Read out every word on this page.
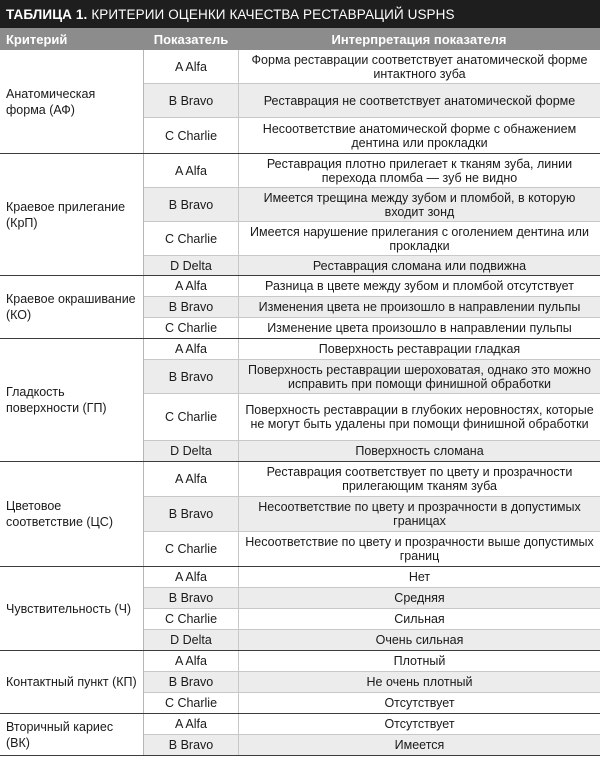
ТАБЛИЦА 1. КРИТЕРИИ ОЦЕНКИ КАЧЕСТВА РЕСТАВРАЦИЙ USPHS
Критерий	Показатель	Интерпретация показателя
Анатомическая форма (АФ)
A Alfa	Форма реставрации соответствует анатомической форме интактного зуба
B Bravo	Реставрация не соответствует анатомической форме
C Charlie	Несоответствие анатомической форме с обнажением дентина или прокладки
Краевое прилегание (КрП)
A Alfa	Реставрация плотно прилегает к тканям зуба, линии перехода пломба — зуб не видно
B Bravo	Имеется трещина между зубом и пломбой, в которую входит зонд
C Charlie	Имеется нарушение прилегания с оголением дентина или прокладки
D Delta	Реставрация сломана или подвижна
Краевое окрашивание (КО)
A Alfa	Разница в цвете между зубом и пломбой отсутствует
B Bravo	Изменения цвета не произошло в направлении пульпы
C Charlie	Изменение цвета произошло в направлении пульпы
Гладкость поверхности (ГП)
A Alfa	Поверхность реставрации гладкая
B Bravo	Поверхность реставрации шероховатая, однако это можно исправить при помощи финишной обработки
C Charlie	Поверхность реставрации в глубоких неровностях, которые не могут быть удалены при помощи финишной обработки
D Delta	Поверхность сломана
Цветовое соответствие (ЦС)
A Alfa	Реставрация соответствует по цвету и прозрачности прилегающим тканям зуба
B Bravo	Несоответствие по цвету и прозрачности в допустимых границах
C Charlie	Несоответствие по цвету и прозрачности выше допустимых границ
Чувствительность (Ч)
A Alfa	Нет
B Bravo	Средняя
C Charlie	Сильная
D Delta	Очень сильная
Контактный пункт (КП)
A Alfa	Плотный
B Bravo	Не очень плотный
C Charlie	Отсутствует
Вторичный кариес (ВК)
A Alfa	Отсутствует
B Bravo	Имеется
